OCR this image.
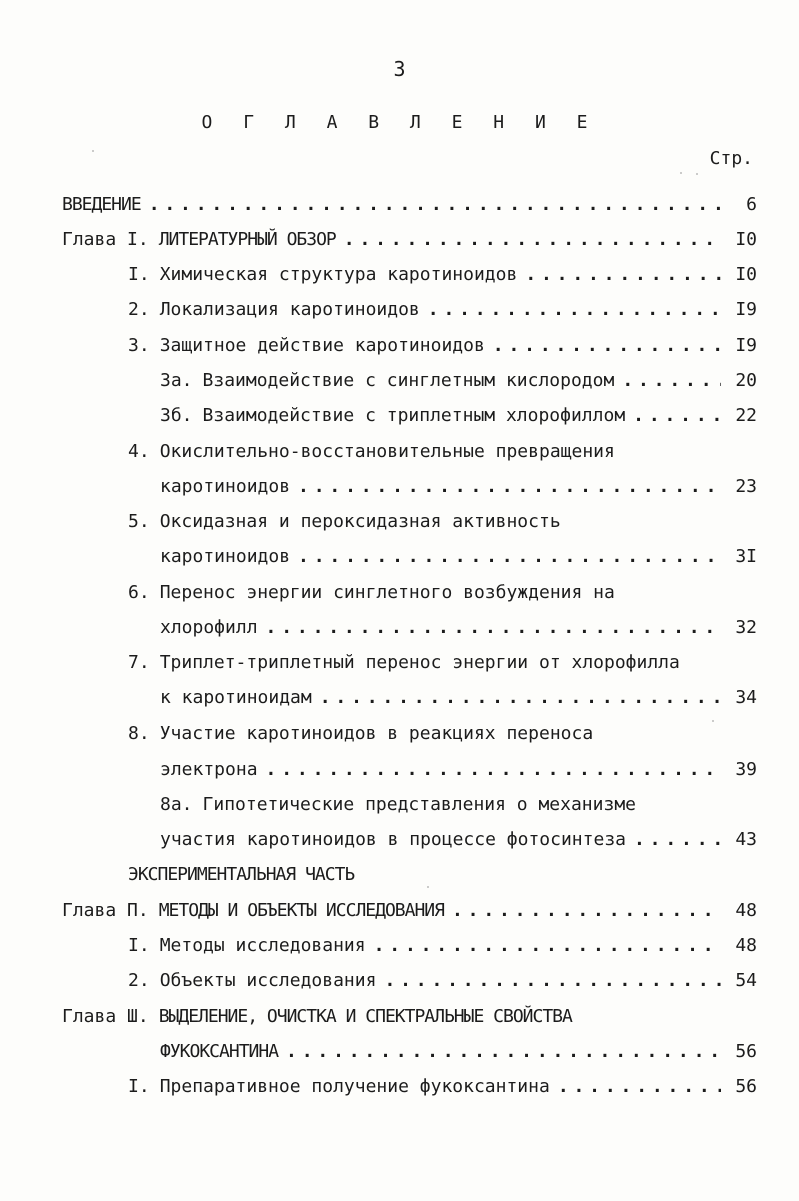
3
О Г Л А В Л Е Н И Е
Стр.
ВВЕДЕНИЕ . . .	6
Глава I. ЛИТЕРАТУРНЫЙ ОБЗОР . . .	I0
I. Химическая структура каротиноидов . . .	I0
2. Локализация каротиноидов . . .	I9
3. Защитное действие каротиноидов . . .	I9
3а. Взаимодействие с синглетным кислородом . . .	20
3б. Взаимодействие с триплетным хлорофиллом . . .	22
4. Окислительно-восстановительные превращения
каротиноидов . . .	23
5. Оксидазная и пероксидазная активность
каротиноидов . . .	3I
6. Перенос энергии синглетного возбуждения на
хлорофилл . . .	32
7. Триплет-триплетный перенос энергии от хлорофилла
к каротиноидам . . .	34
8. Участие каротиноидов в реакциях переноса
электрона . . .	39
8а. Гипотетические представления о механизме
участия каротиноидов в процессе фотосинтеза . . .	43
ЭКСПЕРИМЕНТАЛЬНАЯ ЧАСТЬ
Глава П. МЕТОДЫ И ОБЪЕКТЫ ИССЛЕДОВАНИЯ . . .	48
I. Методы исследования . . .	48
2. Объекты исследования . . .	54
Глава Ш. ВЫДЕЛЕНИЕ, ОЧИСТКА И СПЕКТРАЛЬНЫЕ СВОЙСТВА
ФУКОКСАНТИНА . . .	56
I. Препаративное получение фукоксантина . . .	56
